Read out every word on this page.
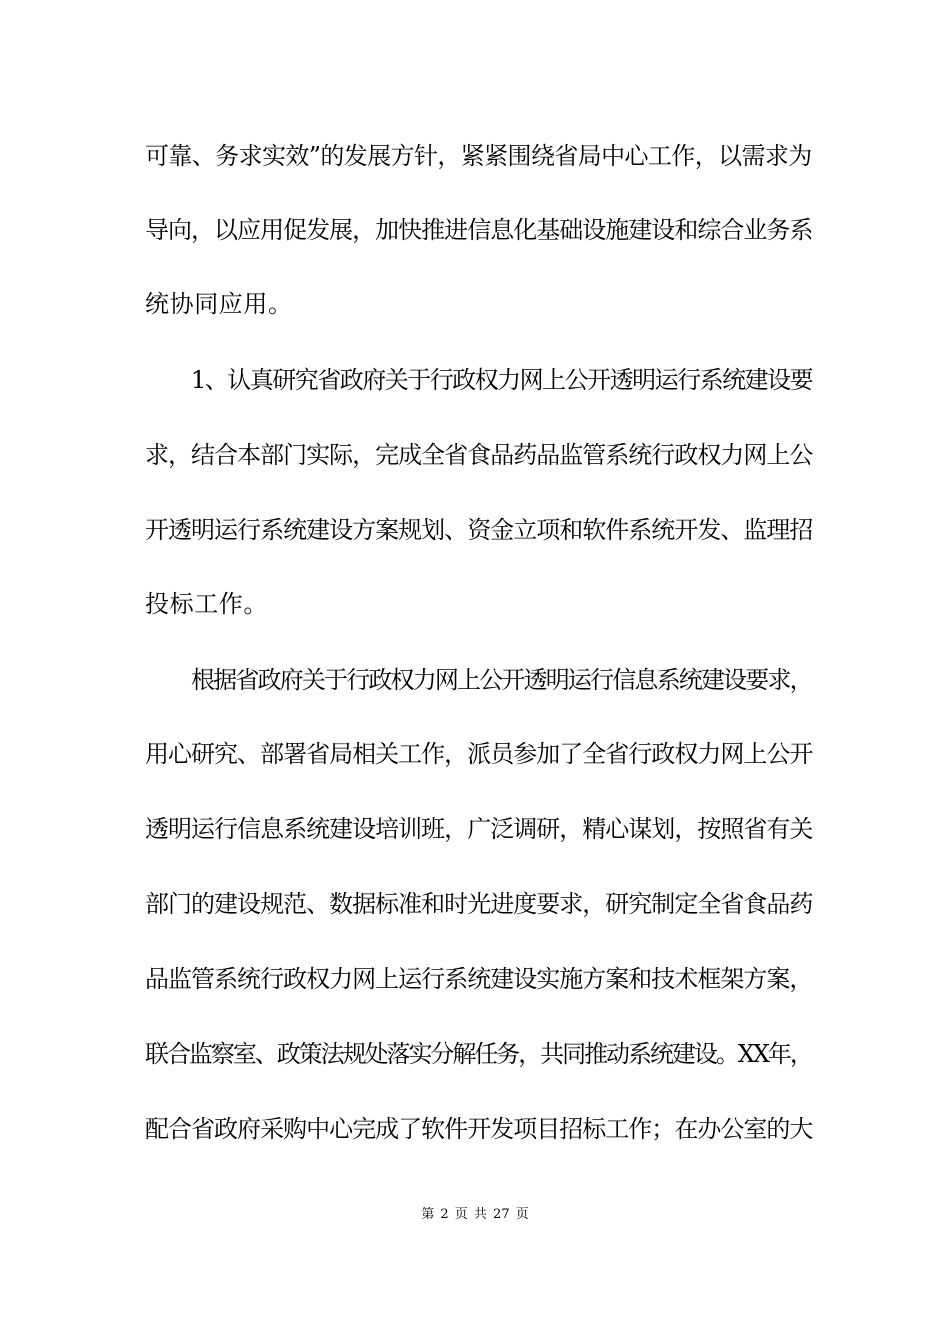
可靠、务求实效”的发展方针，紧紧围绕省局中心工作，以需求为
导向，以应用促发展，加快推进信息化基础设施建设和综合业务系
统协同应用。
1、认真研究省政府关于行政权力网上公开透明运行系统建设要
求，结合本部门实际，完成全省食品药品监管系统行政权力网上公
开透明运行系统建设方案规划、资金立项和软件系统开发、监理招
投标工作。
根据省政府关于行政权力网上公开透明运行信息系统建设要求，
用心研究、部署省局相关工作，派员参加了全省行政权力网上公开
透明运行信息系统建设培训班，广泛调研，精心谋划，按照省有关
部门的建设规范、数据标准和时光进度要求，研究制定全省食品药
品监管系统行政权力网上运行系统建设实施方案和技术框架方案，
联合监察室、政策法规处落实分解任务，共同推动系统建设。XX年，
配合省政府采购中心完成了软件开发项目招标工作；在办公室的大
第 2 页 共 27 页
